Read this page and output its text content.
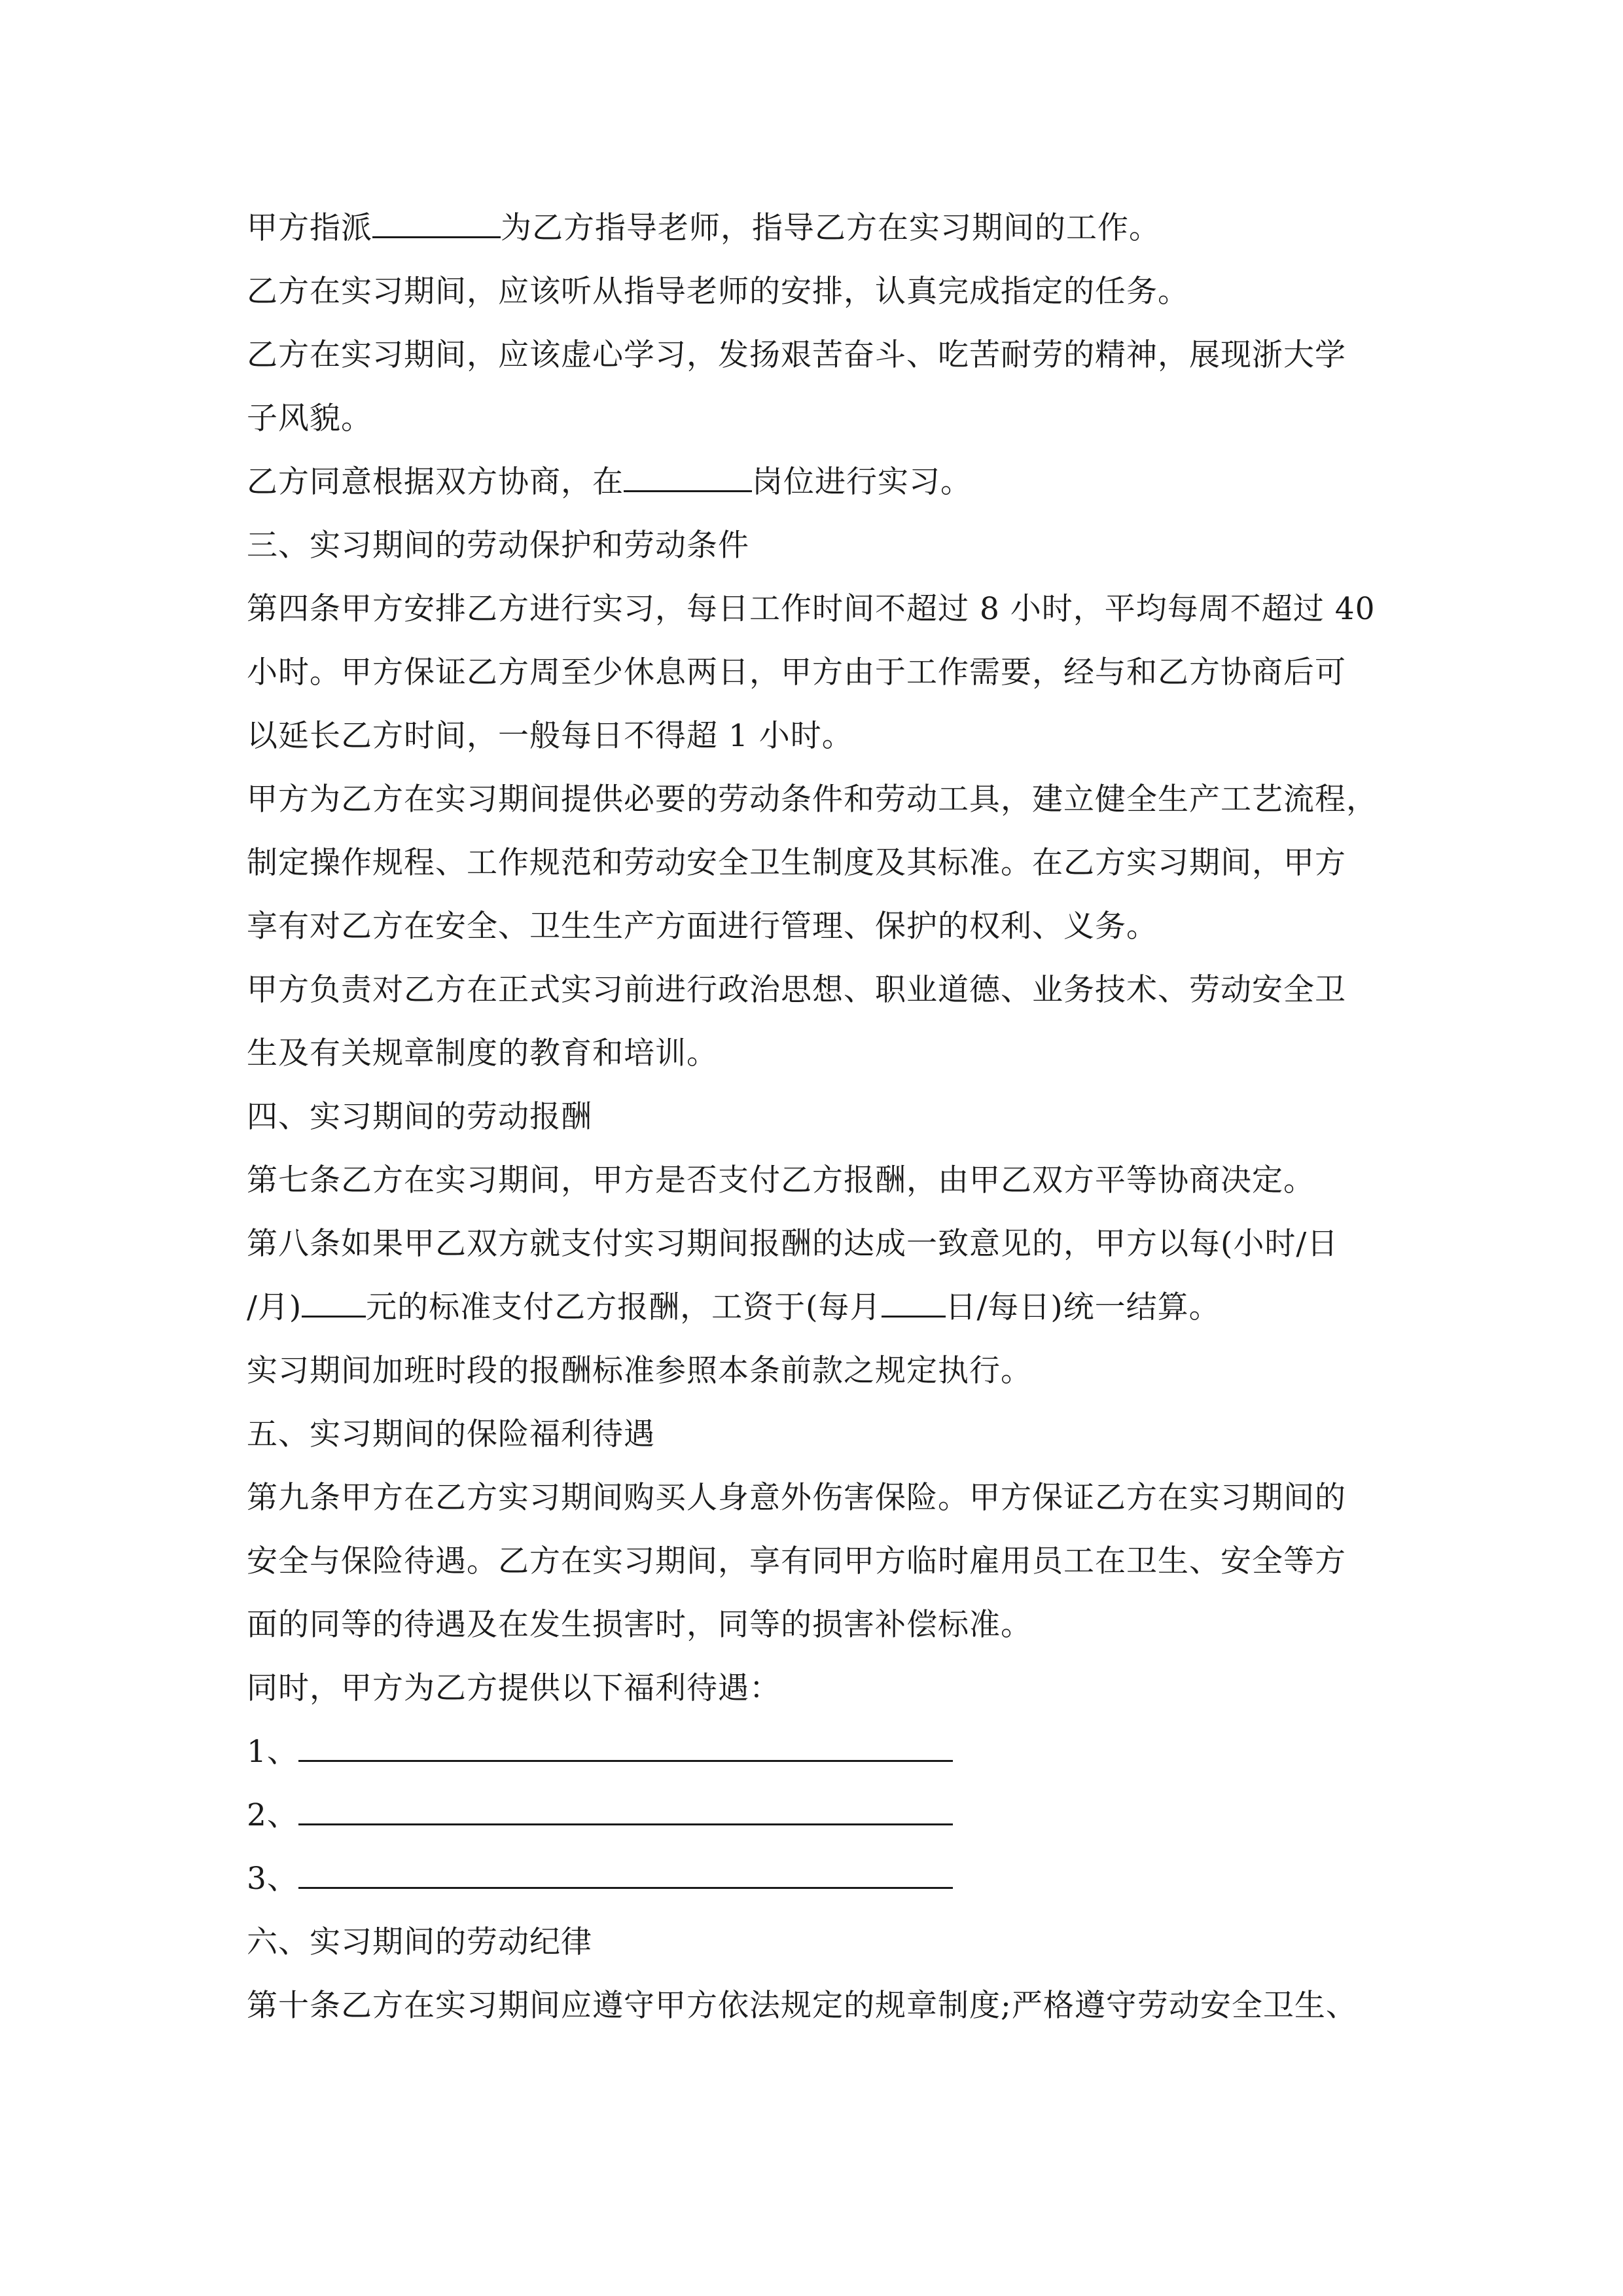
甲方指派	为乙方指导老师，指导乙方在实习期间的工作。
乙方在实习期间，应该听从指导老师的安排，认真完成指定的任务。
乙方在实习期间，应该虚心学习，发扬艰苦奋斗、吃苦耐劳的精神，展现浙大学
子风貌。
乙方同意根据双方协商，在	岗位进行实习。
三、实习期间的劳动保护和劳动条件
第四条甲方安排乙方进行实习，每日工作时间不超过 8 小时，平均每周不超过 40
小时。甲方保证乙方周至少休息两日，甲方由于工作需要，经与和乙方协商后可
以延长乙方时间，一般每日不得超 1 小时。
甲方为乙方在实习期间提供必要的劳动条件和劳动工具，建立健全生产工艺流程，
制定操作规程、工作规范和劳动安全卫生制度及其标准。在乙方实习期间，甲方
享有对乙方在安全、卫生生产方面进行管理、保护的权利、义务。
甲方负责对乙方在正式实习前进行政治思想、职业道德、业务技术、劳动安全卫
生及有关规章制度的教育和培训。
四、实习期间的劳动报酬
第七条乙方在实习期间，甲方是否支付乙方报酬，由甲乙双方平等协商决定。
第八条如果甲乙双方就支付实习期间报酬的达成一致意见的，甲方以每(小时/日
/月) 元的标准支付乙方报酬，工资于(每月 日/每日)统一结算。
实习期间加班时段的报酬标准参照本条前款之规定执行。
五、实习期间的保险福利待遇
第九条甲方在乙方实习期间购买人身意外伤害保险。甲方保证乙方在实习期间的
安全与保险待遇。乙方在实习期间，享有同甲方临时雇用员工在卫生、安全等方
面的同等的待遇及在发生损害时，同等的损害补偿标准。
同时，甲方为乙方提供以下福利待遇：
1、
2、
3、
六、实习期间的劳动纪律
第十条乙方在实习期间应遵守甲方依法规定的规章制度;严格遵守劳动安全卫生、
